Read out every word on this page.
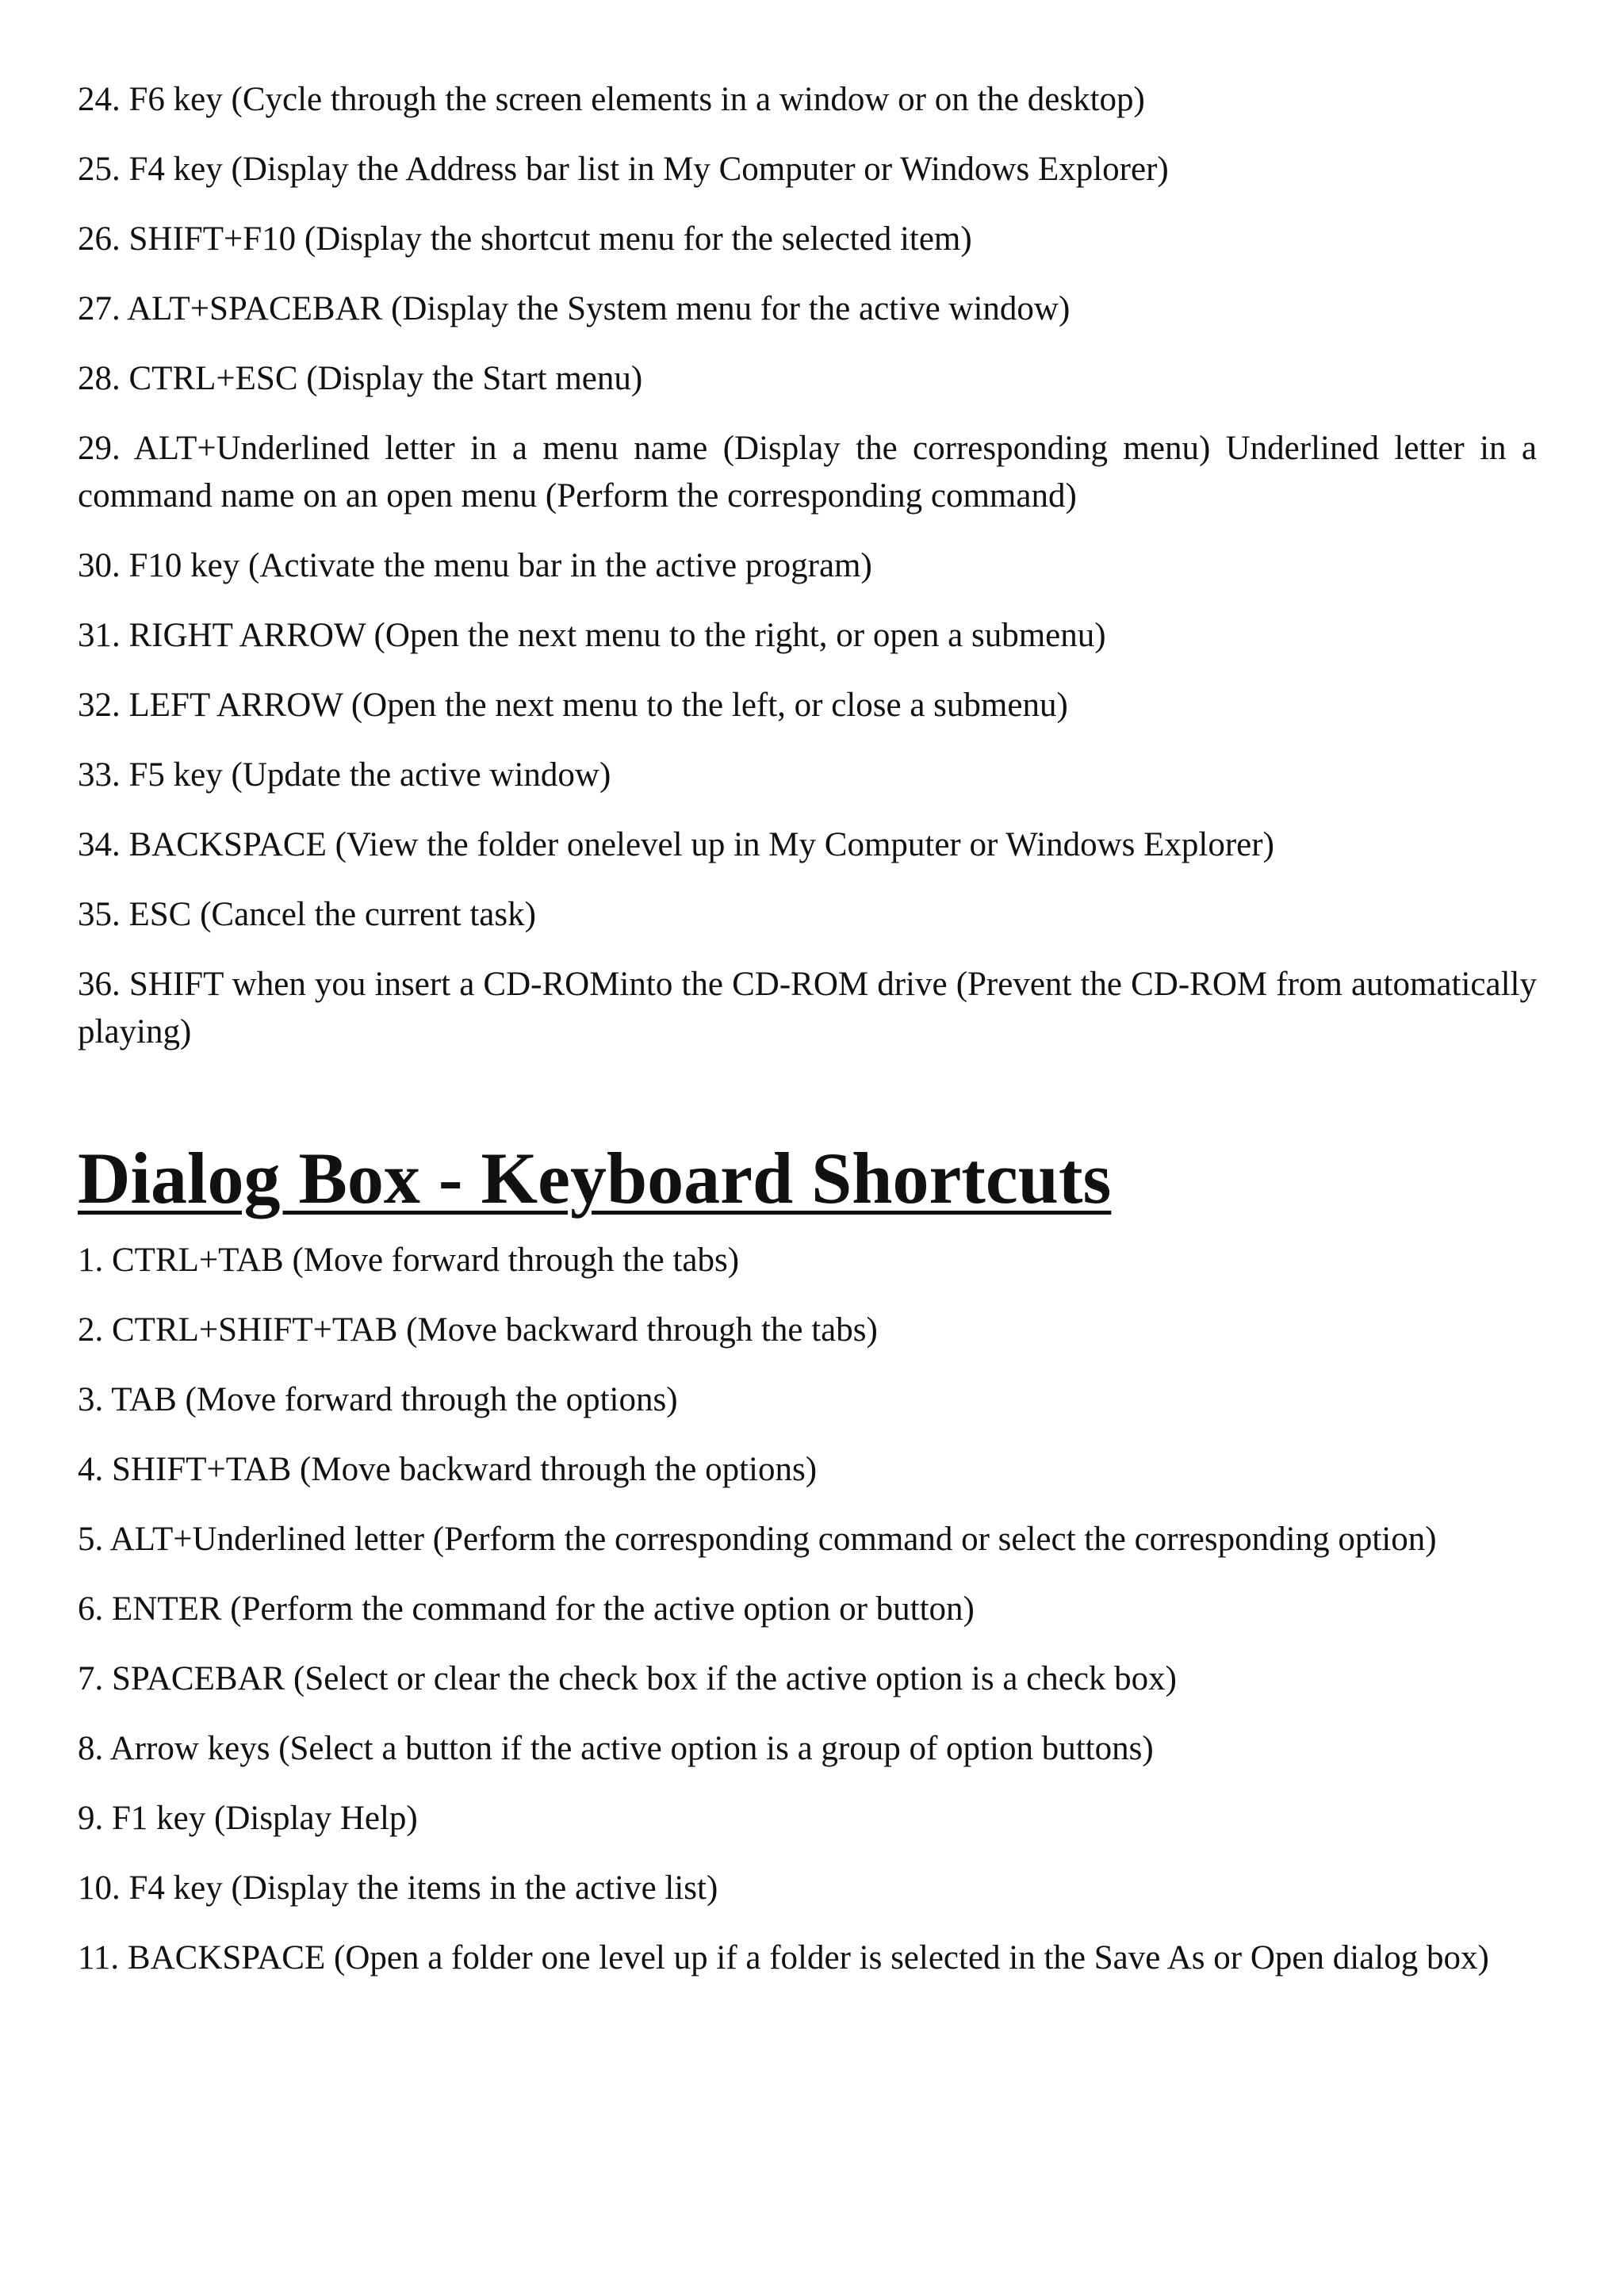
24. F6 key (Cycle through the screen elements in a window or on the desktop)
25. F4 key (Display the Address bar list in My Computer or Windows Explorer)
26. SHIFT+F10 (Display the shortcut menu for the selected item)
27. ALT+SPACEBAR (Display the System menu for the active window)
28. CTRL+ESC (Display the Start menu)
29. ALT+Underlined letter in a menu name (Display the corresponding menu) Underlined letter in a command name on an open menu (Perform the corresponding command)
30. F10 key (Activate the menu bar in the active program)
31. RIGHT ARROW (Open the next menu to the right, or open a submenu)
32. LEFT ARROW (Open the next menu to the left, or close a submenu)
33. F5 key (Update the active window)
34. BACKSPACE (View the folder onelevel up in My Computer or Windows Explorer)
35. ESC (Cancel the current task)
36. SHIFT when you insert a CD-ROMinto the CD-ROM drive (Prevent the CD-ROM from automatically playing)
Dialog Box - Keyboard Shortcuts
1. CTRL+TAB (Move forward through the tabs)
2. CTRL+SHIFT+TAB (Move backward through the tabs)
3. TAB (Move forward through the options)
4. SHIFT+TAB (Move backward through the options)
5. ALT+Underlined letter (Perform the corresponding command or select the corresponding option)
6. ENTER (Perform the command for the active option or button)
7. SPACEBAR (Select or clear the check box if the active option is a check box)
8. Arrow keys (Select a button if the active option is a group of option buttons)
9. F1 key (Display Help)
10. F4 key (Display the items in the active list)
11. BACKSPACE (Open a folder one level up if a folder is selected in the Save As or Open dialog box)
